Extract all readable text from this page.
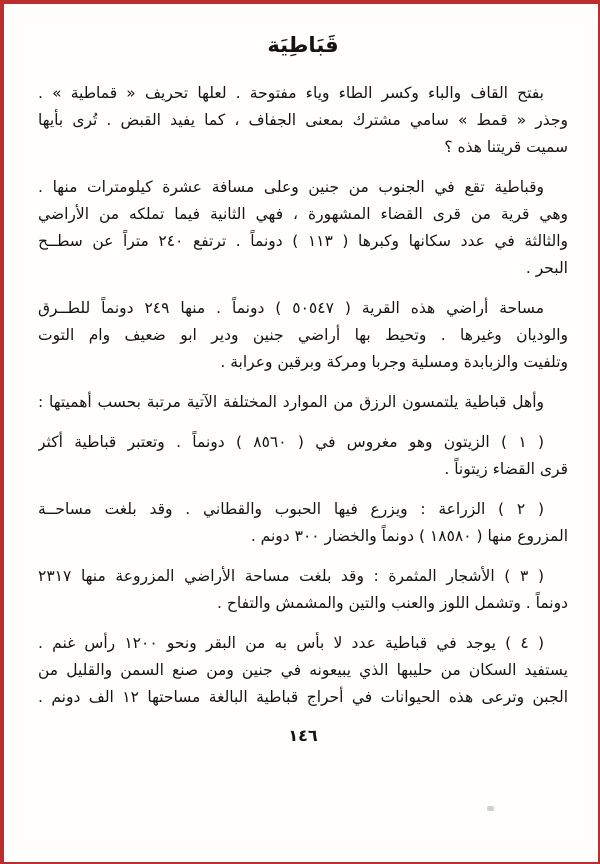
قَبَاطِيَة
بفتح القاف والباء وكسر الطاء وياء مفتوحة . لعلها تحريف « قماطية » .
وجذر « قمط » سامي مشترك بمعنى الجفاف ، كما يفيد القبض . تُرى بأيها
سميت قريتنا هذه ؟
وقباطية تقع في الجنوب من جنين وعلى مسافة عشرة كيلومترات منها .
وهي قرية من قرى القضاء المشهورة ، فهي الثانية فيما تملكه من الأراضي
والثالثة في عدد سكانها وكبرها ( ١١٣ ) دونماً . ترتفع ٢٤٠ متراً عن سطــح
البحر .
مساحة أراضي هذه القرية ( ٥٠٥٤٧ ) دونماً . منها ٢٤٩ دونماً للطــرق
والوديان وغيرها . وتحيط بها أراضي جنين ودير ابو ضعيف وام التوت
وتلفيت والزبابدة ومسلية وجربا ومركة وبرقين وعرابة .
وأهل قباطية يلتمسون الرزق من الموارد المختلفة الآتية مرتبة بحسب أهميتها :
( ١ ) الزيتون وهو مغروس في ( ٨٥٦٠ ) دونماً . وتعتبر قباطية أكثر
قرى القضاء زيتوناً .
( ٢ ) الزراعة : ويزرع فيها الحبوب والقطاني . وقد بلغت مساحــة
المزروع منها ( ١٨٥٨٠ ) دونماً والخضار ٣٠٠ دونم .
( ٣ ) الأشجار المثمرة : وقد بلغت مساحة الأراضي المزروعة منها ٢٣١٧
دونماً . وتشمل اللوز والعنب والتين والمشمش والتفاح .
( ٤ ) يوجد في قباطية عدد لا بأس به من البقر ونحو ١٢٠٠ رأس غنم .
يستفيد السكان من حليبها الذي يبيعونه في جنين ومن صنع السمن والقليل من
الجبن وترعى هذه الحيوانات في أحراج قباطية البالغة مساحتها ١٢ الف دونم .
١٤٦
